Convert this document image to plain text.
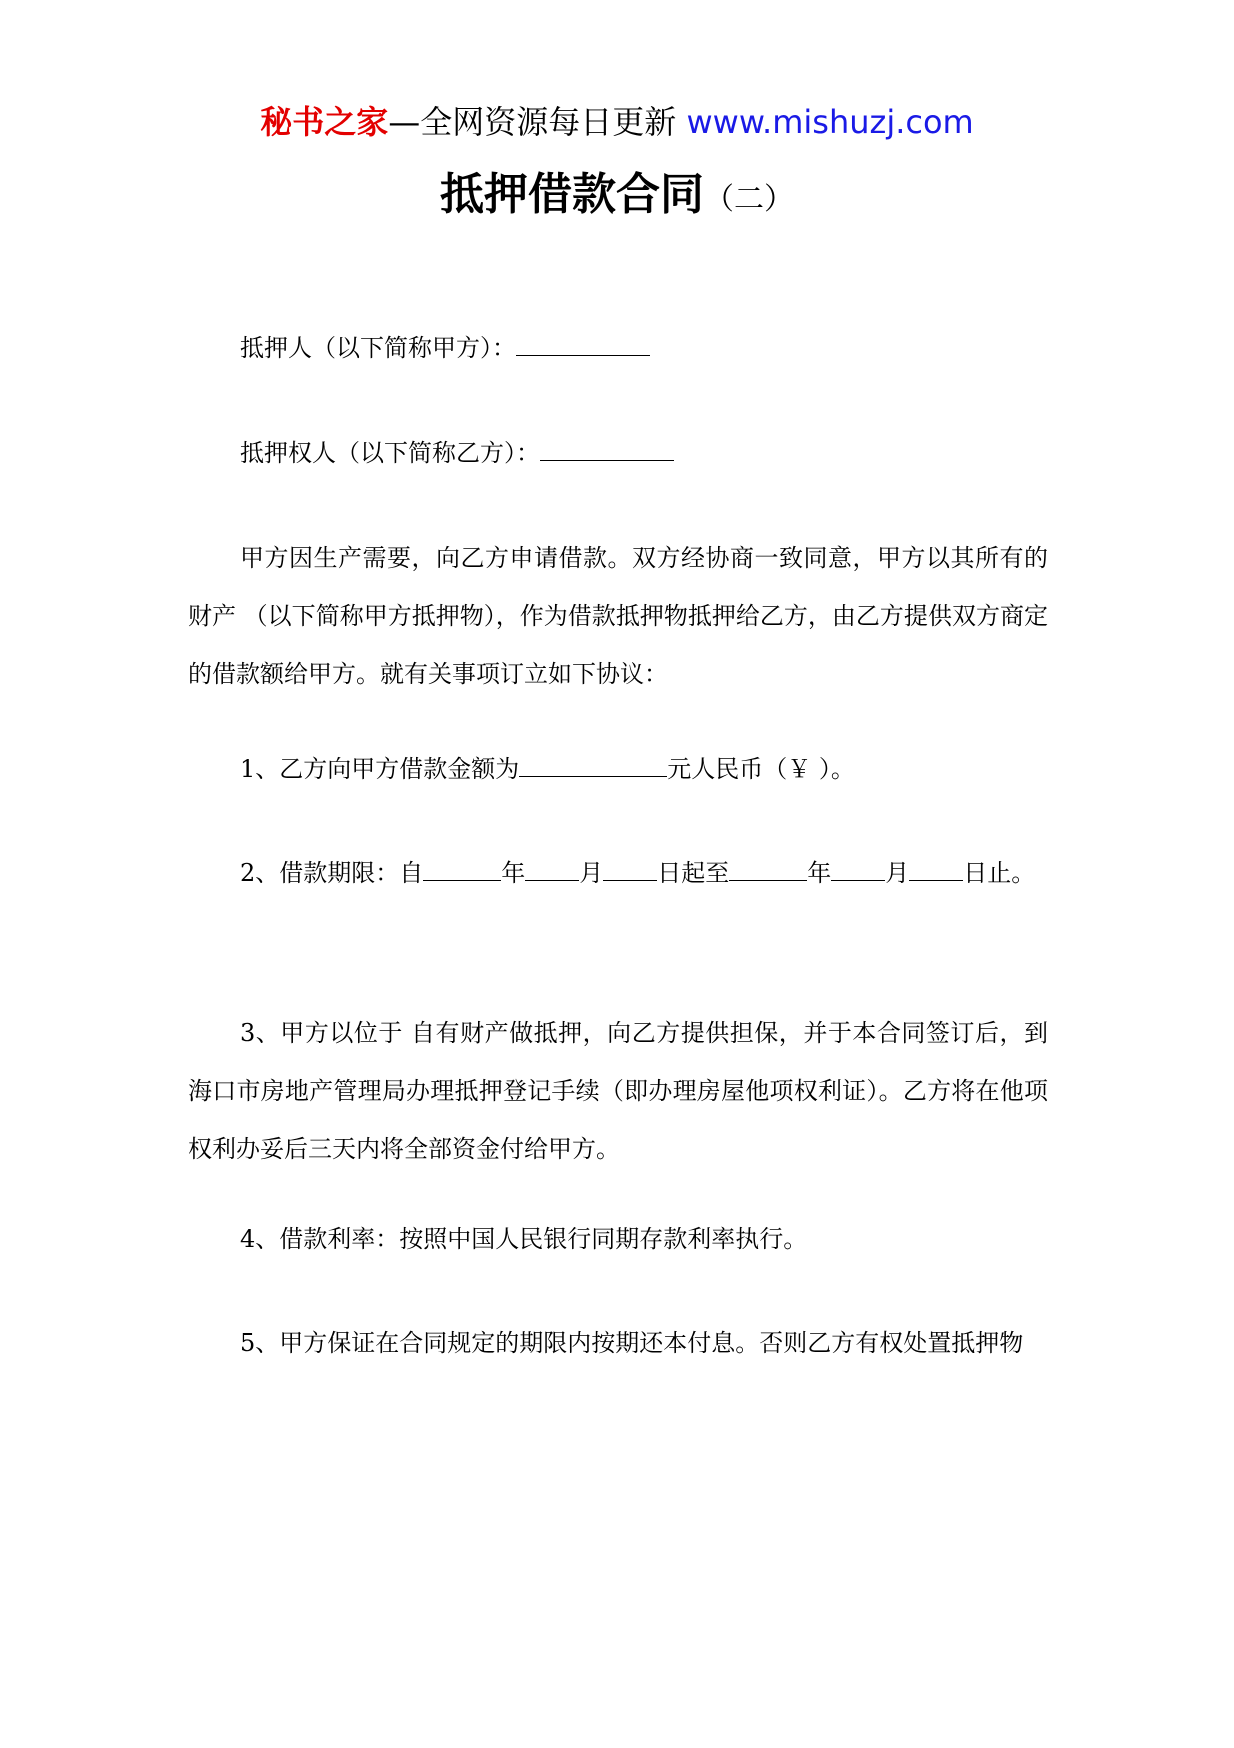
秘书之家—全网资源每日更新 www.mishuzj.com
抵押借款合同（二）
抵押人（以下简称甲方）：
抵押权人（以下简称乙方）：
甲方因生产需要，向乙方申请借款。双方经协商一致同意，甲方以其所有的财产 （以下简称甲方抵押物），作为借款抵押物抵押给乙方，由乙方提供双方商定的借款额给甲方。就有关事项订立如下协议：
1、乙方向甲方借款金额为	元人民币（￥ ）。
2、借款期限：自	年 月 日起至	年 月 日止。
3、甲方以位于 自有财产做抵押，向乙方提供担保，并于本合同签订后，到海口市房地产管理局办理抵押登记手续（即办理房屋他项权利证）。乙方将在他项权利办妥后三天内将全部资金付给甲方。
4、借款利率：按照中国人民银行同期存款利率执行。
5、甲方保证在合同规定的期限内按期还本付息。否则乙方有权处置抵押物
